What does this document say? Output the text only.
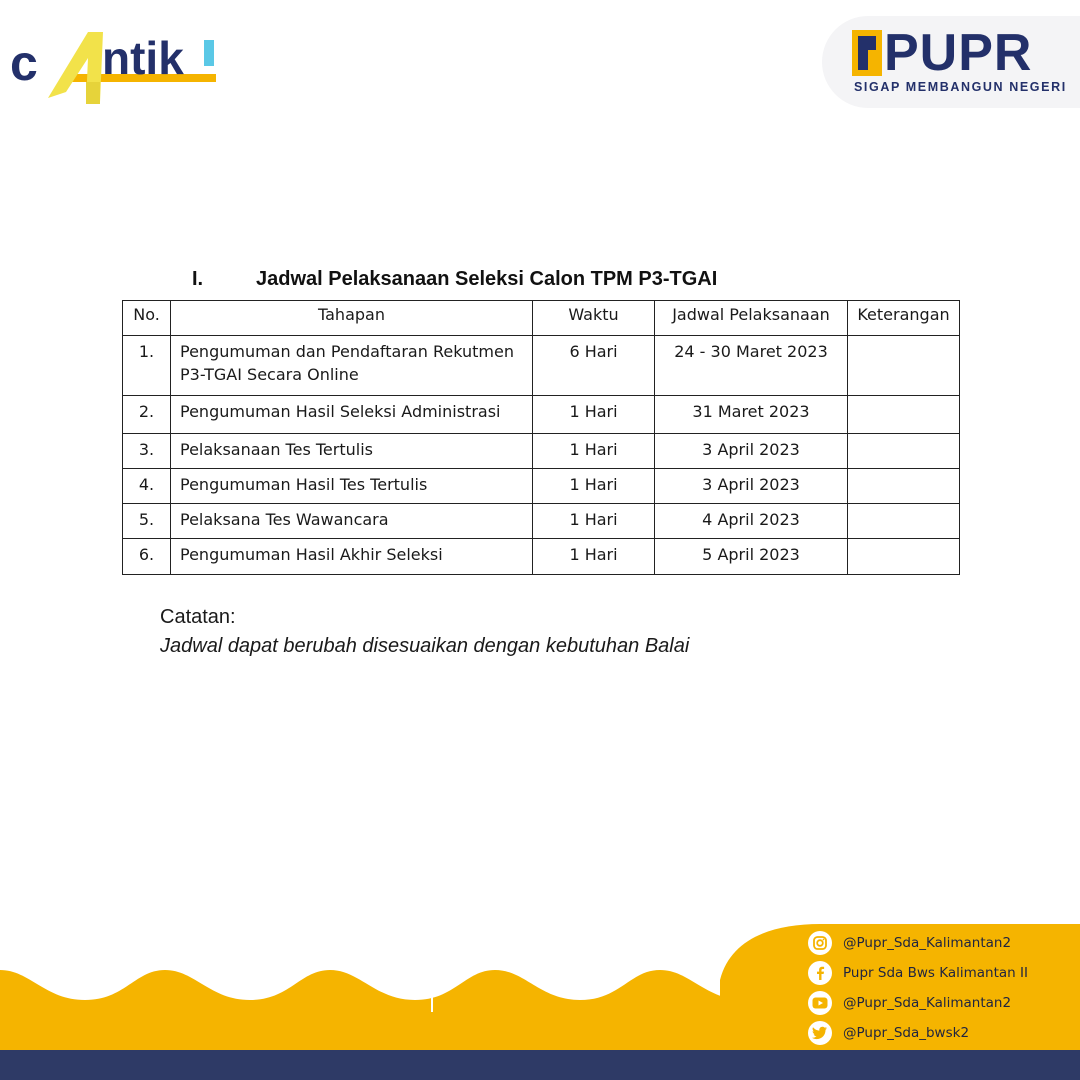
c ntik	PUPR
SIGAP MEMBANGUN NEGERI
I.	Jadwal Pelaksanaan Seleksi Calon TPM P3-TGAI
No.	Tahapan	Waktu	Jadwal Pelaksanaan	Keterangan
1.	Pengumuman dan Pendaftaran Rekutmen
P3-TGAI Secara Online	6 Hari	24 - 30 Maret 2023	
2.	Pengumuman Hasil Seleksi Administrasi	1 Hari	31 Maret 2023	
3.	Pelaksanaan Tes Tertulis	1 Hari	3 April 2023	
4.	Pengumuman Hasil Tes Tertulis	1 Hari	3 April 2023	
5.	Pelaksana Tes Wawancara	1 Hari	4 April 2023	
6.	Pengumuman Hasil Akhir Seleksi	1 Hari	5 April 2023	
Catatan:
Jadwal dapat berubah disesuaikan dengan kebutuhan Balai
@Pupr_Sda_Kalimantan2
Pupr Sda Bws Kalimantan II
@Pupr_Sda_Kalimantan2
@Pupr_Sda_bwsk2
